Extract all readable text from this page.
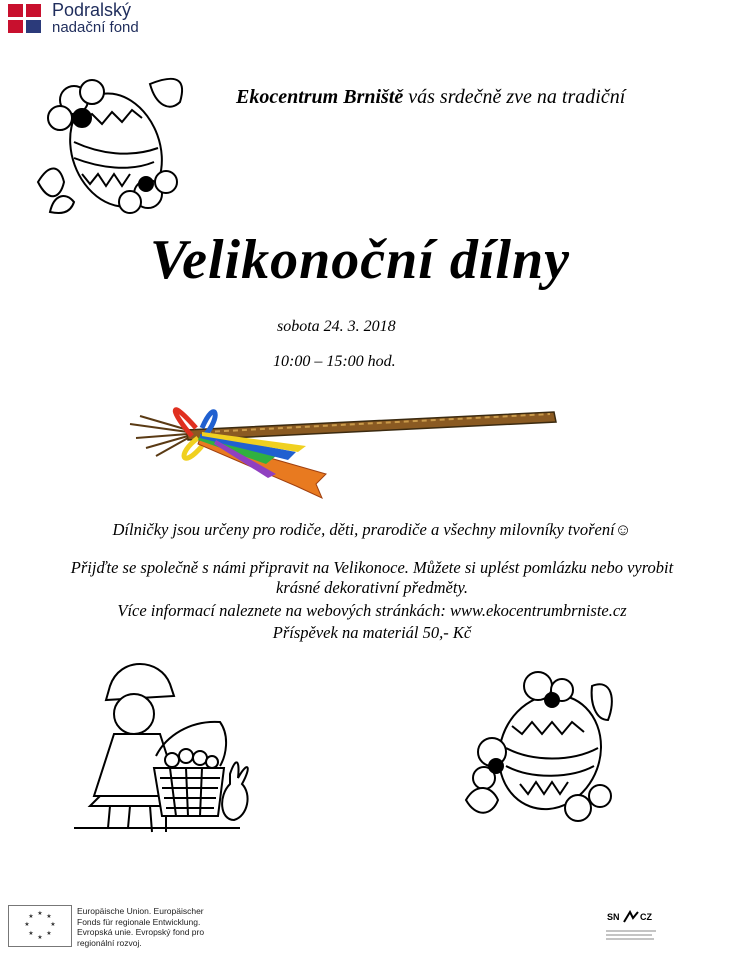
Podralský
nadační fond
Ekocentrum Brniště vás srdečně zve na tradiční
Velikonoční dílny
sobota 24. 3. 2018
10:00 – 15:00 hod.
Dílničky jsou určeny pro rodiče, děti, prarodiče a všechny milovníky tvoření☺
Přijďte se společně s námi připravit na Velikonoce. Můžete si uplést pomlázku nebo vyrobit
krásné dekorativní předměty.
Více informací naleznete na webových stránkách: www.ekocentrumbrniste.cz
Příspěvek na materiál 50,- Kč
★ ★
★
★
★
★
★
★
Europäische Union. Europäischer Fonds für regionale Entwicklung. Evropská unie. Evropský fond pro regionální rozvoj.
SN CZ
